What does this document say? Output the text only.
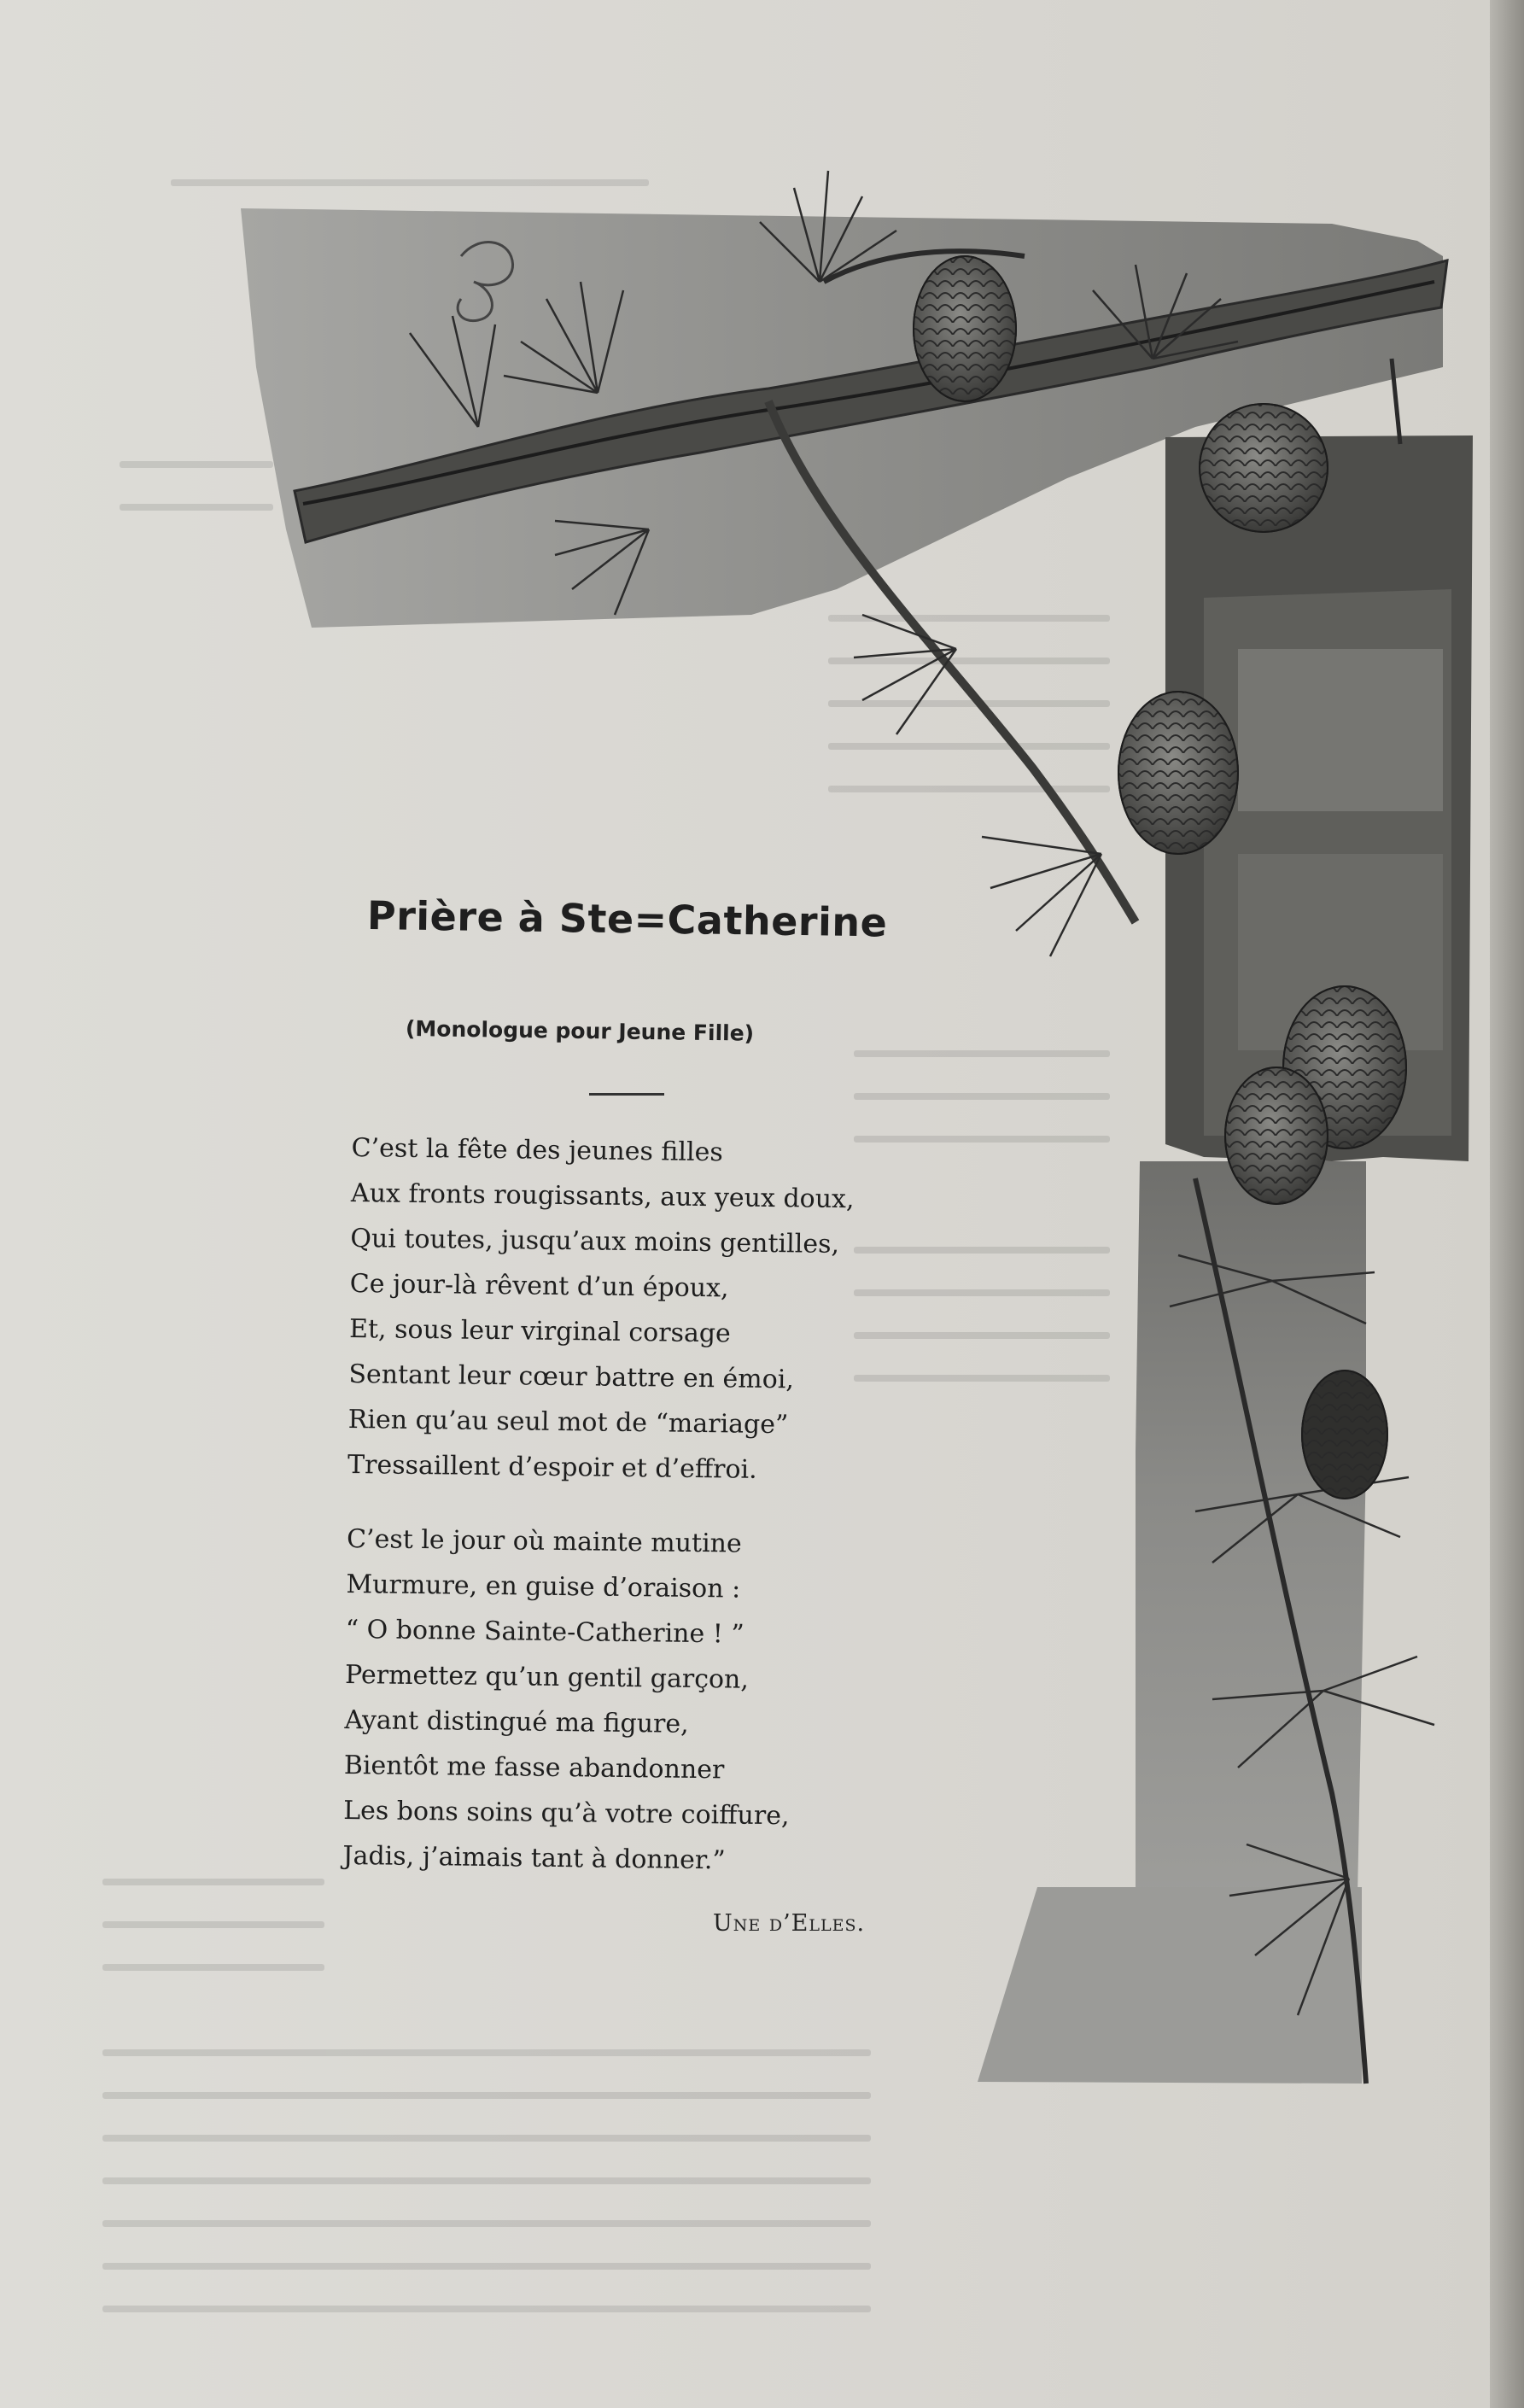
Prière à Ste=Catherine

(Monologue pour Jeune Fille)

C’est la fête des jeunes filles
Aux fronts rougissants, aux yeux doux,
Qui toutes, jusqu’aux moins gentilles,
Ce jour-là rêvent d’un époux,
Et, sous leur virginal corsage
Sentant leur cœur battre en émoi,
Rien qu’au seul mot de “mariage”
Tressaillent d’espoir et d’effroi.
C’est le jour où mainte mutine
Murmure, en guise d’oraison :
“ O bonne Sainte-Catherine ! ”
Permettez qu’un gentil garçon,
Ayant distingué ma figure,
Bientôt me fasse abandonner
Les bons soins qu’à votre coiffure,
Jadis, j’aimais tant à donner.”

Une d’Elles.
